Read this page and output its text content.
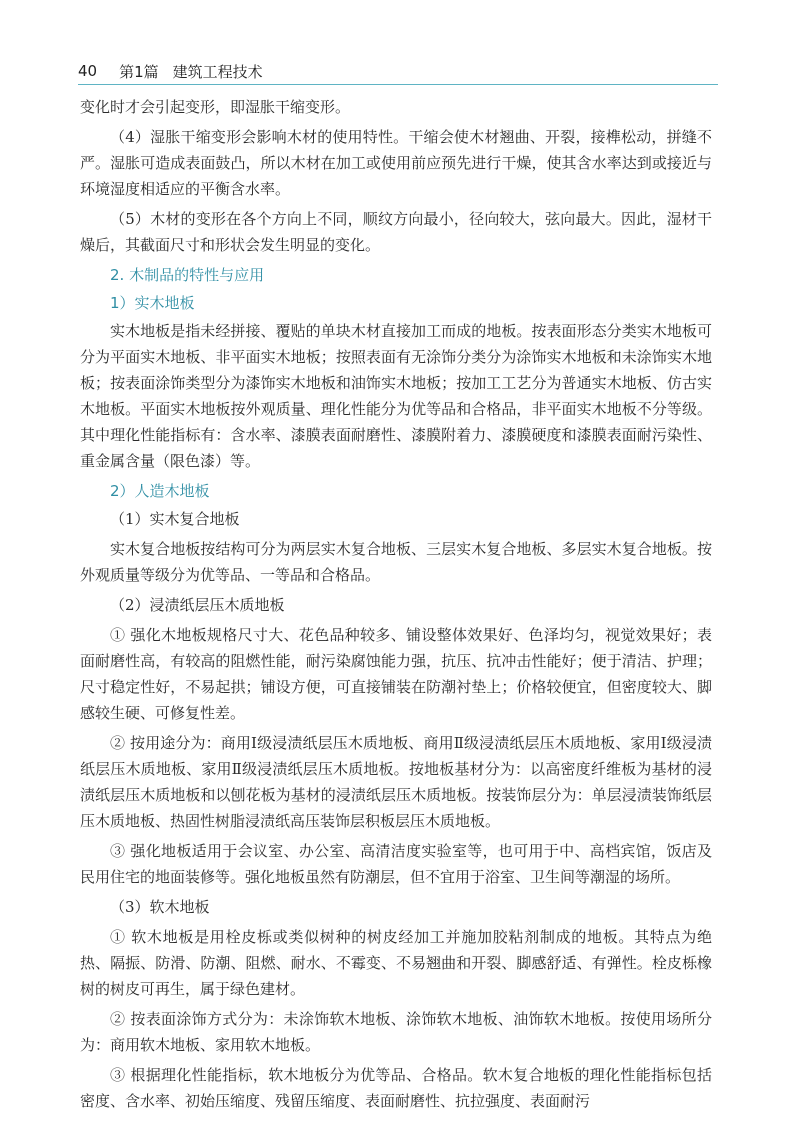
40 第1篇 建筑工程技术

变化时才会引起变形，即湿胀干缩变形。

（4）湿胀干缩变形会影响木材的使用特性。干缩会使木材翘曲、开裂，接榫松动，拼缝不严。湿胀可造成表面鼓凸，所以木材在加工或使用前应预先进行干燥，使其含水率达到或接近与环境湿度相适应的平衡含水率。

（5）木材的变形在各个方向上不同，顺纹方向最小，径向较大，弦向最大。因此，湿材干燥后，其截面尺寸和形状会发生明显的变化。

2. 木制品的特性与应用
1）实木地板

实木地板是指未经拼接、覆贴的单块木材直接加工而成的地板。按表面形态分类实木地板可分为平面实木地板、非平面实木地板；按照表面有无涂饰分类分为涂饰实木地板和未涂饰实木地板；按表面涂饰类型分为漆饰实木地板和油饰实木地板；按加工工艺分为普通实木地板、仿古实木地板。平面实木地板按外观质量、理化性能分为优等品和合格品，非平面实木地板不分等级。其中理化性能指标有：含水率、漆膜表面耐磨性、漆膜附着力、漆膜硬度和漆膜表面耐污染性、重金属含量（限色漆）等。

2）人造木地板

（1）实木复合地板

实木复合地板按结构可分为两层实木复合地板、三层实木复合地板、多层实木复合地板。按外观质量等级分为优等品、一等品和合格品。

（2）浸渍纸层压木质地板

① 强化木地板规格尺寸大、花色品种较多、铺设整体效果好、色泽均匀，视觉效果好；表面耐磨性高，有较高的阻燃性能，耐污染腐蚀能力强，抗压、抗冲击性能好；便于清洁、护理；尺寸稳定性好，不易起拱；铺设方便，可直接铺装在防潮衬垫上；价格较便宜，但密度较大、脚感较生硬、可修复性差。

② 按用途分为：商用Ⅰ级浸渍纸层压木质地板、商用Ⅱ级浸渍纸层压木质地板、家用Ⅰ级浸渍纸层压木质地板、家用Ⅱ级浸渍纸层压木质地板。按地板基材分为：以高密度纤维板为基材的浸渍纸层压木质地板和以刨花板为基材的浸渍纸层压木质地板。按装饰层分为：单层浸渍装饰纸层压木质地板、热固性树脂浸渍纸高压装饰层积板层压木质地板。

③ 强化地板适用于会议室、办公室、高清洁度实验室等，也可用于中、高档宾馆，饭店及民用住宅的地面装修等。强化地板虽然有防潮层，但不宜用于浴室、卫生间等潮湿的场所。

（3）软木地板

① 软木地板是用栓皮栎或类似树种的树皮经加工并施加胶粘剂制成的地板。其特点为绝热、隔振、防滑、防潮、阻燃、耐水、不霉变、不易翘曲和开裂、脚感舒适、有弹性。栓皮栎橡树的树皮可再生，属于绿色建材。

② 按表面涂饰方式分为：未涂饰软木地板、涂饰软木地板、油饰软木地板。按使用场所分为：商用软木地板、家用软木地板。

③ 根据理化性能指标，软木地板分为优等品、合格品。软木复合地板的理化性能指标包括密度、含水率、初始压缩度、残留压缩度、表面耐磨性、抗拉强度、表面耐污
